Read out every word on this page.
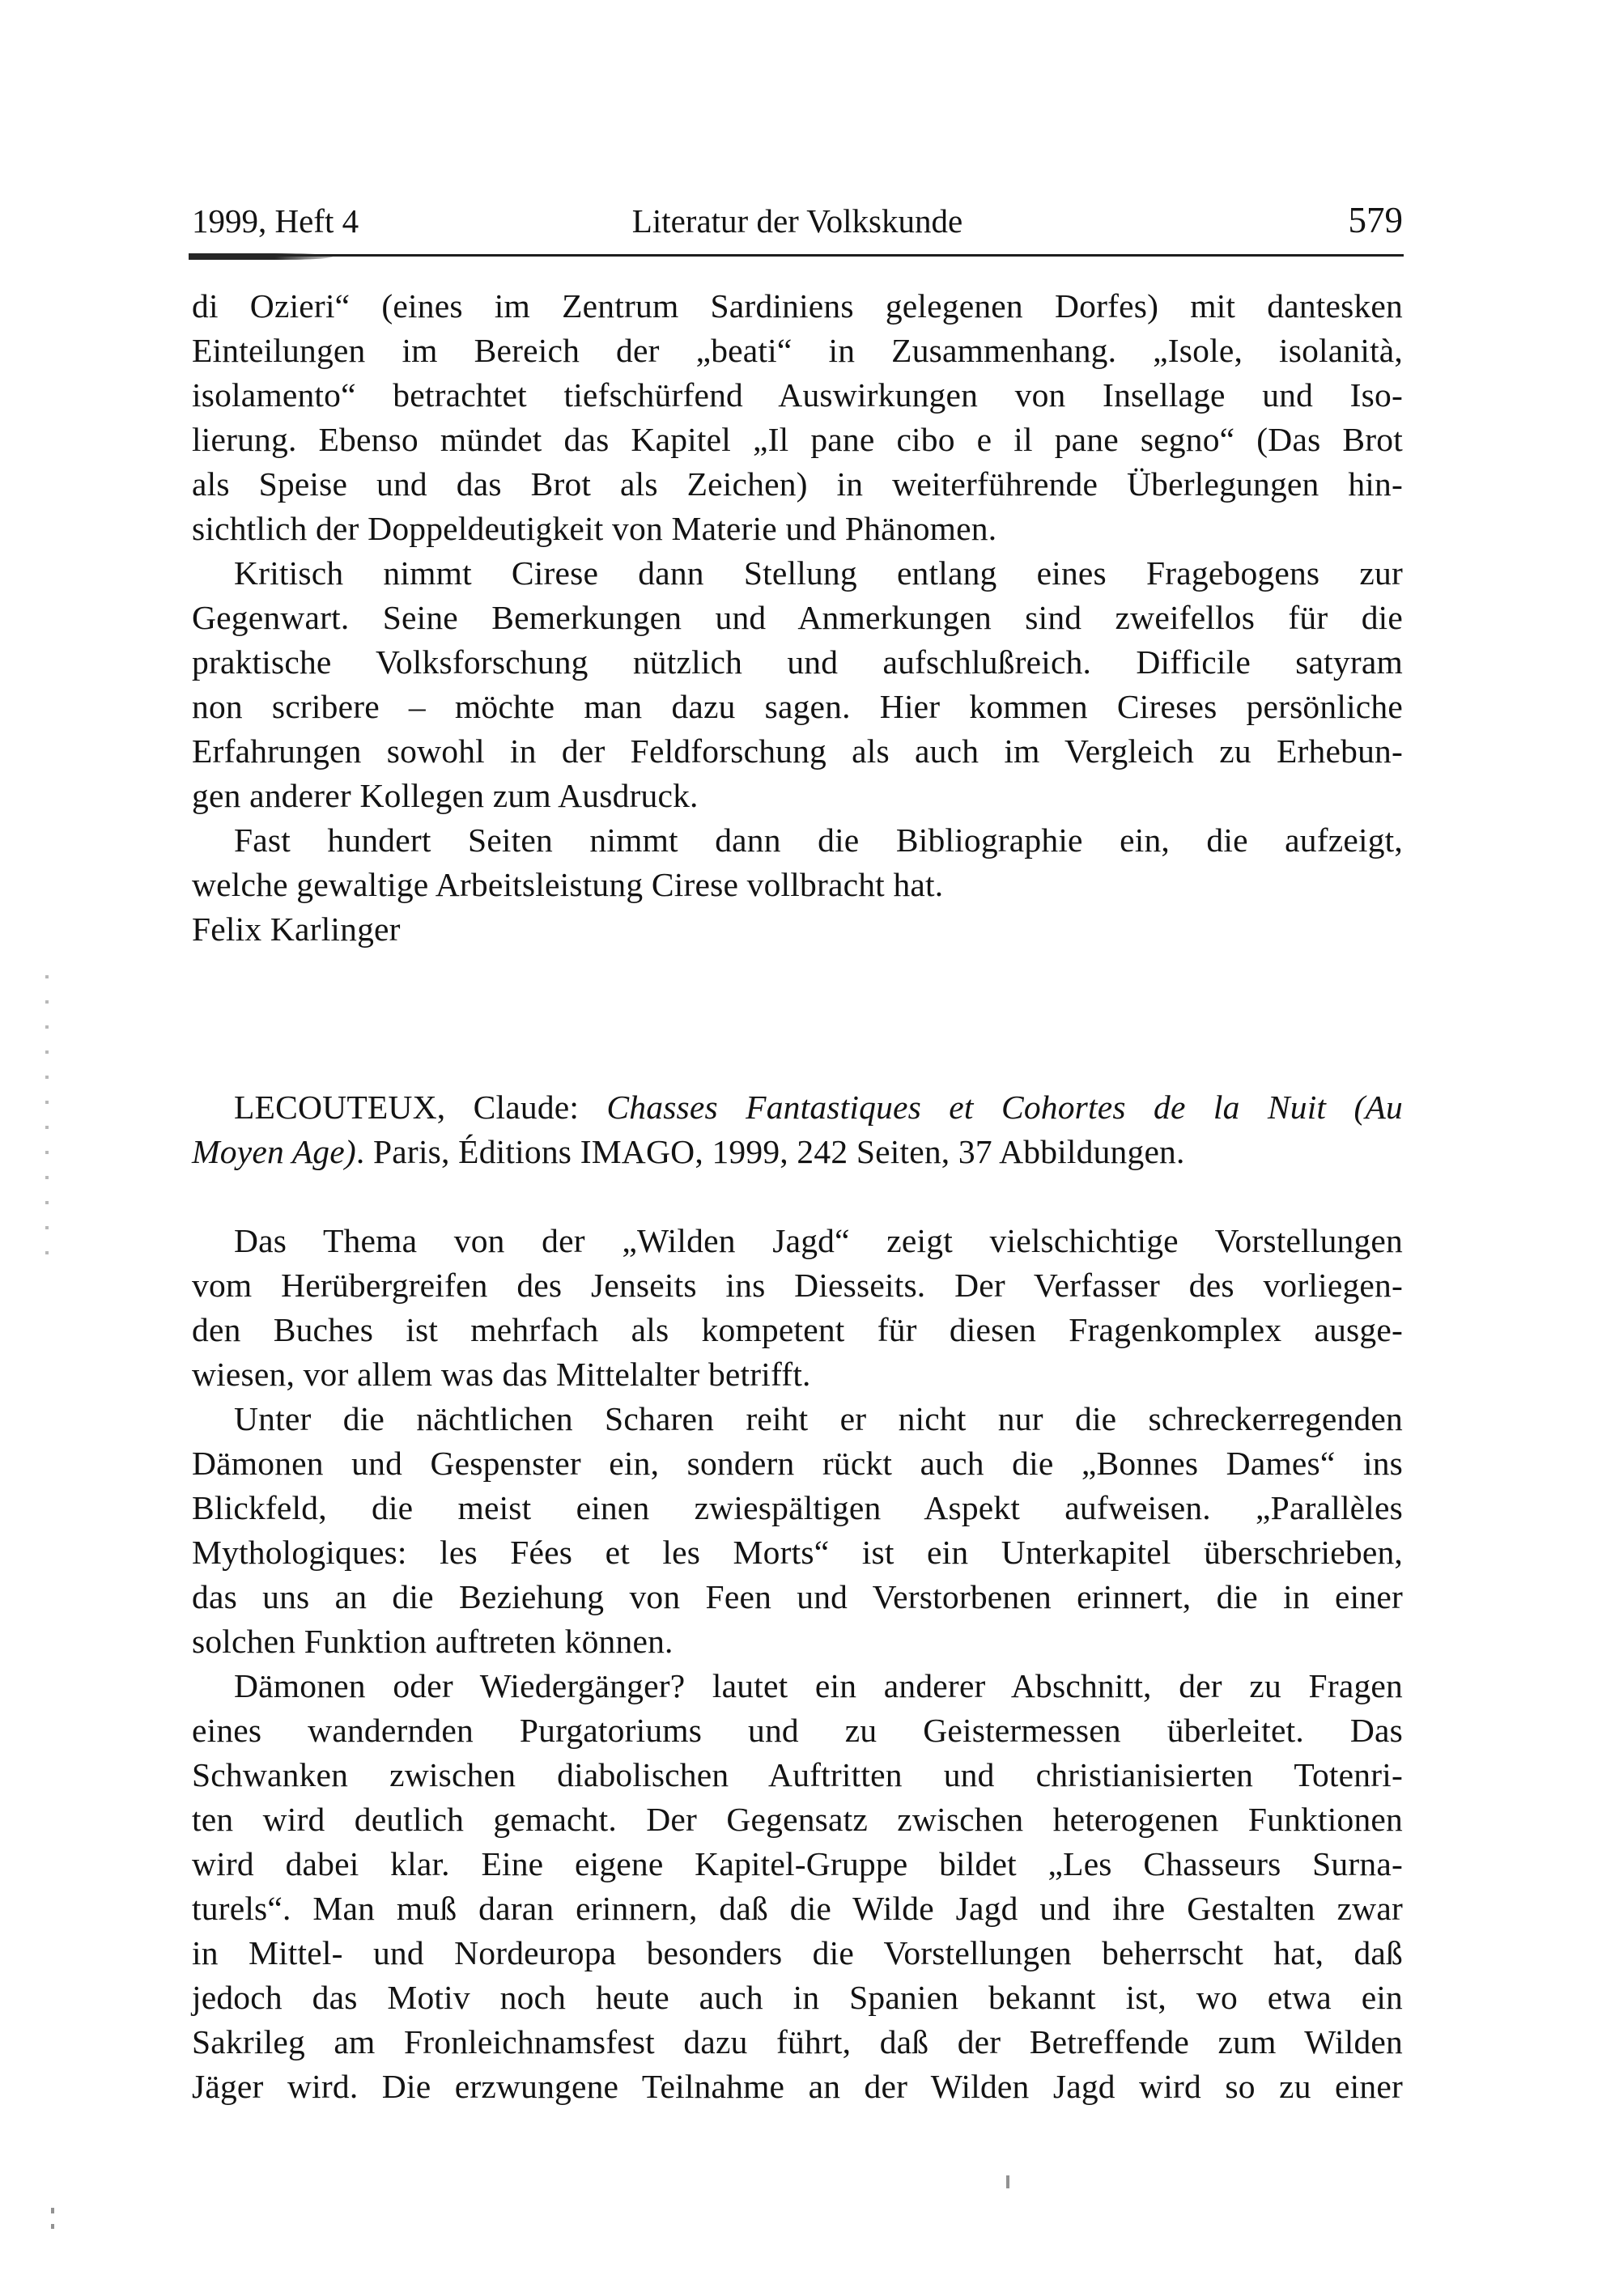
1999, Heft 4	Literatur der Volkskunde	579
di Ozieri“ (eines im Zentrum Sardiniens gelegenen Dorfes) mit dantesken
Einteilungen im Bereich der „beati“ in Zusammenhang. „Isole, isolanità,
isolamento“ betrachtet tiefschürfend Auswirkungen von Insellage und Iso-
lierung. Ebenso mündet das Kapitel „Il pane cibo e il pane segno“ (Das Brot
als Speise und das Brot als Zeichen) in weiterführende Überlegungen hin-
sichtlich der Doppeldeutigkeit von Materie und Phänomen.
Kritisch nimmt Cirese dann Stellung entlang eines Fragebogens zur
Gegenwart. Seine Bemerkungen und Anmerkungen sind zweifellos für die
praktische Volksforschung nützlich und aufschlußreich. Difficile satyram
non scribere – möchte man dazu sagen. Hier kommen Cireses persönliche
Erfahrungen sowohl in der Feldforschung als auch im Vergleich zu Erhebun-
gen anderer Kollegen zum Ausdruck.
Fast hundert Seiten nimmt dann die Bibliographie ein, die aufzeigt,
welche gewaltige Arbeitsleistung Cirese vollbracht hat.
Felix Karlinger
LECOUTEUX, Claude: Chasses Fantastiques et Cohortes de la Nuit (Au
Moyen Age). Paris, Éditions IMAGO, 1999, 242 Seiten, 37 Abbildungen.
Das Thema von der „Wilden Jagd“ zeigt vielschichtige Vorstellungen
vom Herübergreifen des Jenseits ins Diesseits. Der Verfasser des vorliegen-
den Buches ist mehrfach als kompetent für diesen Fragenkomplex ausge-
wiesen, vor allem was das Mittelalter betrifft.
Unter die nächtlichen Scharen reiht er nicht nur die schreckerregenden
Dämonen und Gespenster ein, sondern rückt auch die „Bonnes Dames“ ins
Blickfeld, die meist einen zwiespältigen Aspekt aufweisen. „Parallèles
Mythologiques: les Fées et les Morts“ ist ein Unterkapitel überschrieben,
das uns an die Beziehung von Feen und Verstorbenen erinnert, die in einer
solchen Funktion auftreten können.
Dämonen oder Wiedergänger? lautet ein anderer Abschnitt, der zu Fragen
eines wandernden Purgatoriums und zu Geistermessen überleitet. Das
Schwanken zwischen diabolischen Auftritten und christianisierten Totenri-
ten wird deutlich gemacht. Der Gegensatz zwischen heterogenen Funktionen
wird dabei klar. Eine eigene Kapitel-Gruppe bildet „Les Chasseurs Surna-
turels“. Man muß daran erinnern, daß die Wilde Jagd und ihre Gestalten zwar
in Mittel- und Nordeuropa besonders die Vorstellungen beherrscht hat, daß
jedoch das Motiv noch heute auch in Spanien bekannt ist, wo etwa ein
Sakrileg am Fronleichnamsfest dazu führt, daß der Betreffende zum Wilden
Jäger wird. Die erzwungene Teilnahme an der Wilden Jagd wird so zu einer
